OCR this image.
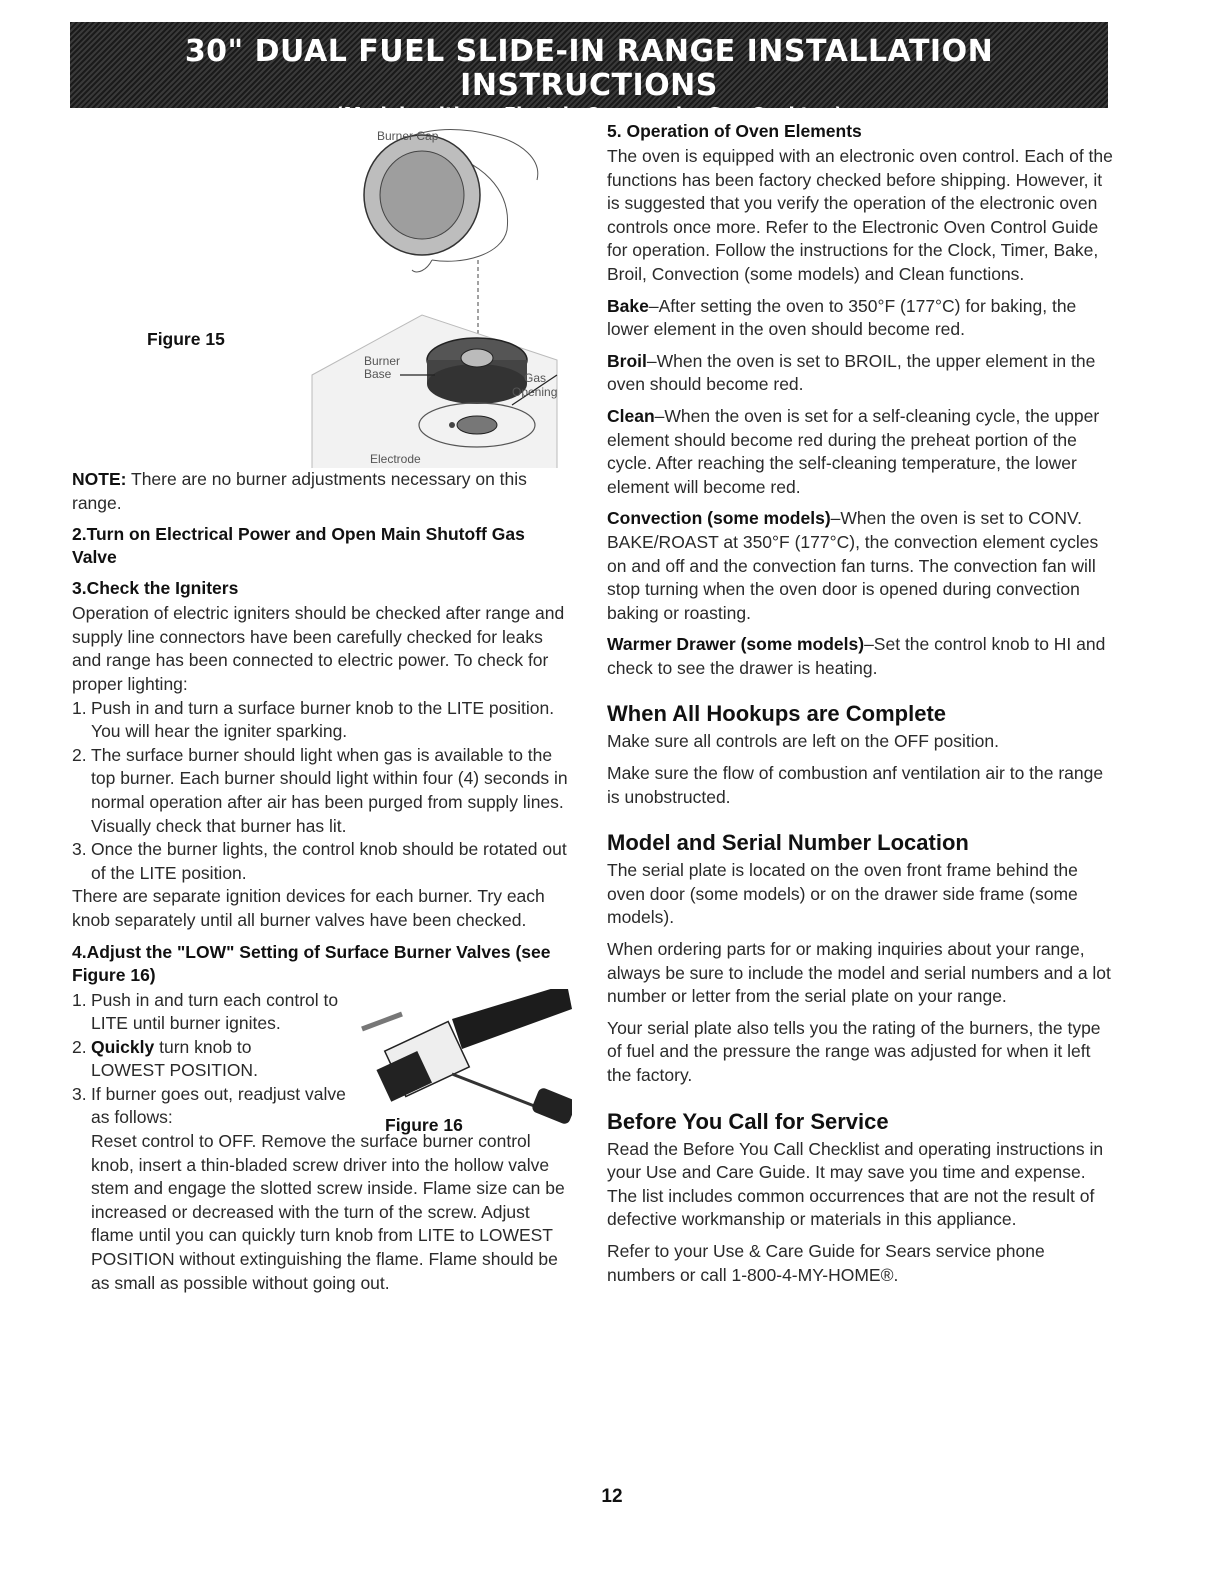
30" DUAL FUEL SLIDE-IN RANGE INSTALLATION INSTRUCTIONS
(Models with an Electric Oven and a Gas Cooktop)
Burner Cap
Burner
Base	Gas
Opening
Electrode
Figure 15

NOTE: There are no burner adjustments necessary on this range.

2.Turn on Electrical Power and Open Main Shutoff Gas Valve
3.Check the Igniters

Operation of electric igniters should be checked after range and supply line connectors have been carefully checked for leaks and range has been connected to electric power. To check for proper lighting:

1. Push in and turn a surface burner knob to the LITE position. You will hear the igniter sparking.
2. The surface burner should light when gas is available to the top burner. Each burner should light within four (4) seconds in normal operation after air has been purged from supply lines. Visually check that burner has lit.
3. Once the burner lights, the control knob should be rotated out of the LITE position.

There are separate ignition devices for each burner. Try each knob separately until all burner valves have been checked.

4.Adjust the "LOW" Setting of Surface Burner Valves (see Figure 16)
1. Push in and turn each control to LITE until burner ignites.
2. Quickly turn knob to LOWEST POSITION.
3. If burner goes out, readjust valve as follows:	Figure 16

Reset control to OFF. Remove the surface burner control knob, insert a thin-bladed screw driver into the hollow valve stem and engage the slotted screw inside. Flame size can be increased or decreased with the turn of the screw. Adjust flame until you can quickly turn knob from LITE to LOWEST POSITION without extinguishing the flame. Flame should be as small as possible without going out.

5. Operation of Oven Elements

The oven is equipped with an electronic oven control. Each of the functions has been factory checked before shipping. However, it is suggested that you verify the operation of the electronic oven controls once more. Refer to the Electronic Oven Control Guide for operation. Follow the instructions for the Clock, Timer, Bake, Broil, Convection (some models) and Clean functions.

Bake–After setting the oven to 350°F (177°C) for baking, the lower element in the oven should become red.

Broil–When the oven is set to BROIL, the upper element in the oven should become red.

Clean–When the oven is set for a self-cleaning cycle, the upper element should become red during the preheat portion of the cycle. After reaching the self-cleaning temperature, the lower element will become red.

Convection (some models)–When the oven is set to CONV. BAKE/ROAST at 350°F (177°C), the convection element cycles on and off and the convection fan turns. The convection fan will stop turning when the oven door is opened during convection baking or roasting.

Warmer Drawer (some models)–Set the control knob to HI and check to see the drawer is heating.

When All Hookups are Complete

Make sure all controls are left on the OFF position.

Make sure the flow of combustion anf ventilation air to the range is unobstructed.

Model and Serial Number Location

The serial plate is located on the oven front frame behind the oven door (some models) or on the drawer side frame (some models).

When ordering parts for or making inquiries about your range, always be sure to include the model and serial numbers and a lot number or letter from the serial plate on your range.

Your serial plate also tells you the rating of the burners, the type of fuel and the pressure the range was adjusted for when it left the factory.

Before You Call for Service

Read the Before You Call Checklist and operating instructions in your Use and Care Guide. It may save you time and expense. The list includes common occurrences that are not the result of defective workmanship or materials in this appliance.

Refer to your Use & Care Guide for Sears service phone numbers or call 1-800-4-MY-HOME®.

12
